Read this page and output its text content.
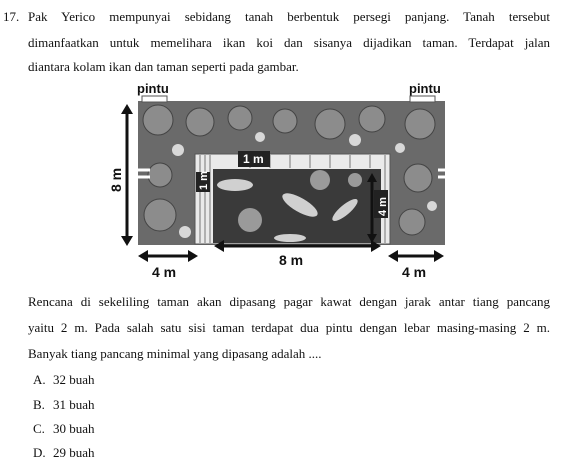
17. Pak Yerico mempunyai sebidang tanah berbentuk persegi panjang. Tanah tersebut
dimanfaatkan untuk memelihara ikan koi dan sisanya dijadikan taman. Terdapat jalan
diantara kolam ikan dan taman seperti pada gambar.
pintu	pintu
8 m
1 m
1 m
4 m
4 m
8 m
4 m
Rencana di sekeliling taman akan dipasang pagar kawat dengan jarak antar tiang pancang
yaitu 2 m. Pada salah satu sisi taman terdapat dua pintu dengan lebar masing-masing 2 m.
Banyak tiang pancang minimal yang dipasang adalah ....
A. 32 buah
B. 31 buah
C. 30 buah
D. 29 buah
